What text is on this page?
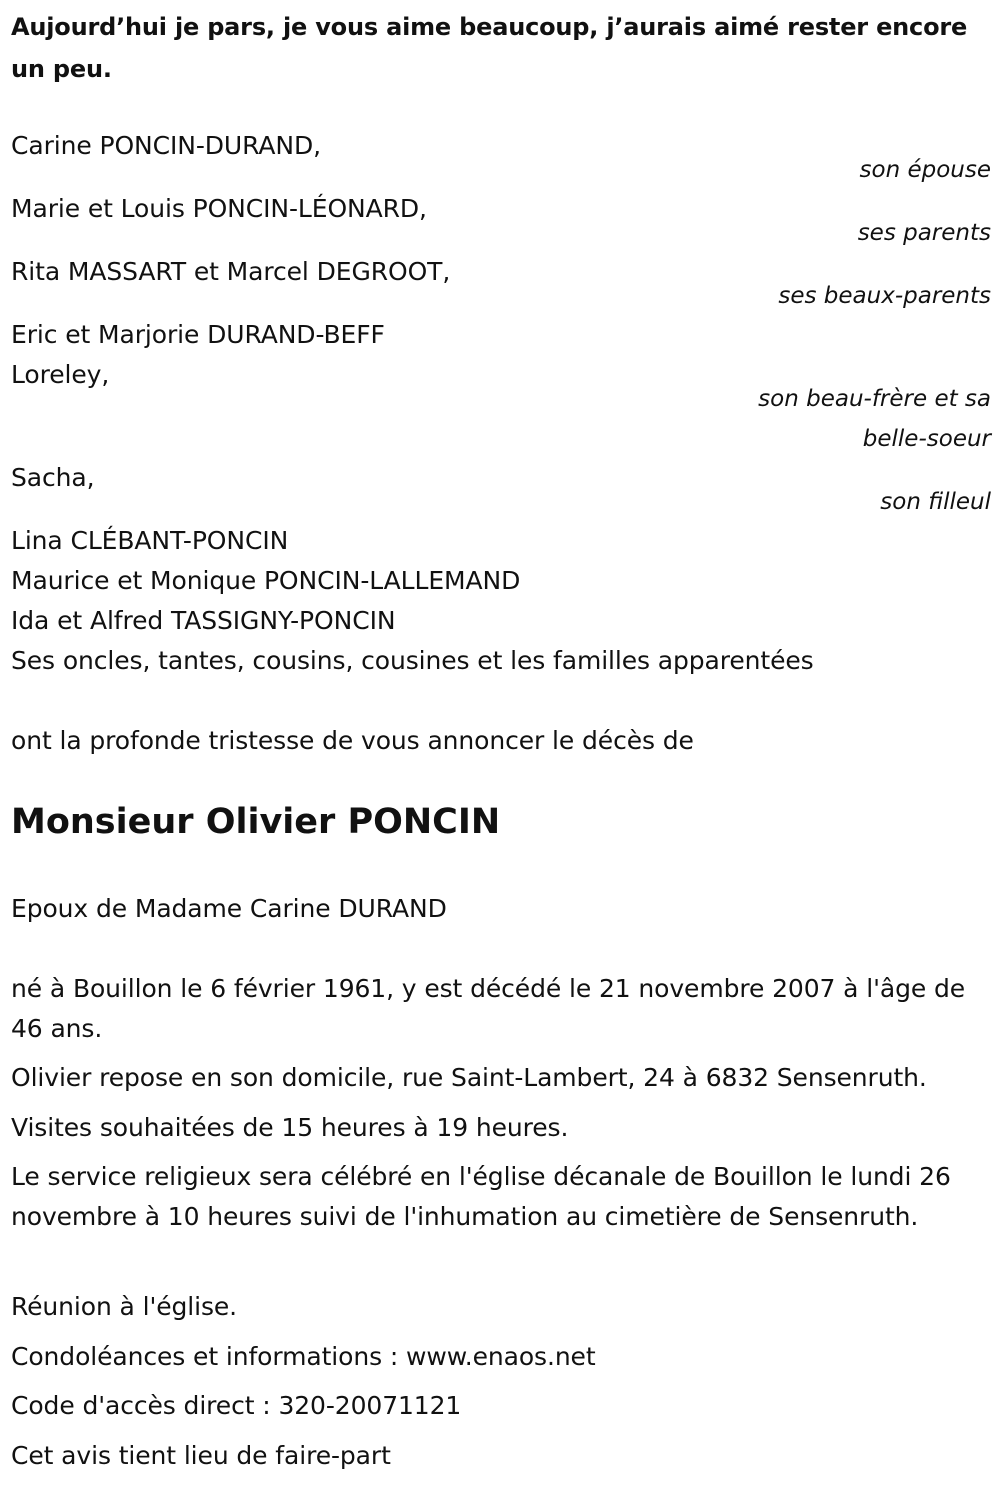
Aujourd’hui je pars, je vous aime beaucoup, j’aurais aimé rester encore un peu.
Carine PONCIN-DURAND,
son épouse
Marie et Louis PONCIN-LÉONARD,
ses parents
Rita MASSART et Marcel DEGROOT,
ses beaux-parents
Eric et Marjorie DURAND-BEFF
Loreley,
son beau-frère et sa
belle-soeur
Sacha,
son filleul
Lina CLÉBANT-PONCIN
Maurice et Monique PONCIN-LALLEMAND
Ida et Alfred TASSIGNY-PONCIN
Ses oncles, tantes, cousins, cousines et les familles apparentées
ont la profonde tristesse de vous annoncer le décès de
Monsieur Olivier PONCIN
Epoux de Madame Carine DURAND
né à Bouillon le 6 février 1961, y est décédé le 21 novembre 2007 à l'âge de 46 ans.
Olivier repose en son domicile, rue Saint-Lambert, 24 à 6832 Sensenruth.
Visites souhaitées de 15 heures à 19 heures.
Le service religieux sera célébré en l'église décanale de Bouillon le lundi 26 novembre à 10 heures suivi de l'inhumation au cimetière de Sensenruth.
Réunion à l'église.
Condoléances et informations : www.enaos.net
Code d'accès direct : 320-20071121
Cet avis tient lieu de faire-part
